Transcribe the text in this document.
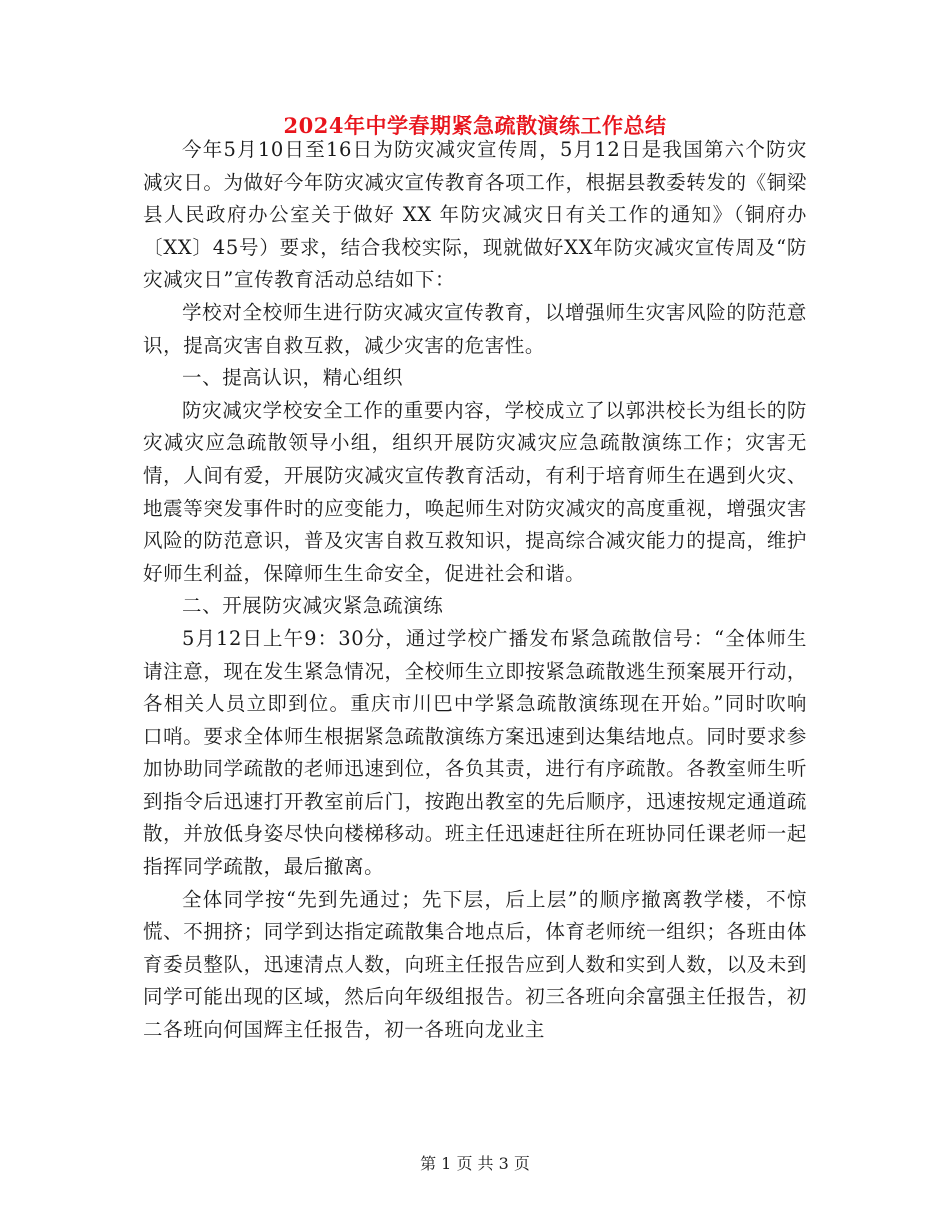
2024年中学春期紧急疏散演练工作总结

今年5月10日至16日为防灾减灾宣传周，5月12日是我国第六个防灾减灾日。为做好今年防灾减灾宣传教育各项工作，根据县教委转发的《铜梁县人民政府办公室关于做好 XX 年防灾减灾日有关工作的通知》（铜府办〔XX〕45号）要求，结合我校实际，现就做好XX年防灾减灾宣传周及“防灾减灾日”宣传教育活动总结如下：

学校对全校师生进行防灾减灾宣传教育，以增强师生灾害风险的防范意识，提高灾害自救互救，减少灾害的危害性。

一、提高认识，精心组织

防灾减灾学校安全工作的重要内容，学校成立了以郭洪校长为组长的防灾减灾应急疏散领导小组，组织开展防灾减灾应急疏散演练工作；灾害无情，人间有爱，开展防灾减灾宣传教育活动，有利于培育师生在遇到火灾、地震等突发事件时的应变能力，唤起师生对防灾减灾的高度重视，增强灾害风险的防范意识，普及灾害自救互救知识，提高综合减灾能力的提高，维护好师生利益，保障师生生命安全，促进社会和谐。

二、开展防灾减灾紧急疏演练

5月12日上午9：30分，通过学校广播发布紧急疏散信号：“全体师生请注意，现在发生紧急情况，全校师生立即按紧急疏散逃生预案展开行动，各相关人员立即到位。重庆市川巴中学紧急疏散演练现在开始。”同时吹响口哨。要求全体师生根据紧急疏散演练方案迅速到达集结地点。同时要求参加协助同学疏散的老师迅速到位，各负其责，进行有序疏散。各教室师生听到指令后迅速打开教室前后门，按跑出教室的先后顺序，迅速按规定通道疏散，并放低身姿尽快向楼梯移动。班主任迅速赶往所在班协同任课老师一起指挥同学疏散，最后撤离。

全体同学按“先到先通过；先下层，后上层”的顺序撤离教学楼，不惊慌、不拥挤；同学到达指定疏散集合地点后，体育老师统一组织；各班由体育委员整队，迅速清点人数，向班主任报告应到人数和实到人数，以及未到同学可能出现的区域，然后向年级组报告。初三各班向余富强主任报告，初二各班向何国辉主任报告，初一各班向龙业主

第 1 页 共 3 页
